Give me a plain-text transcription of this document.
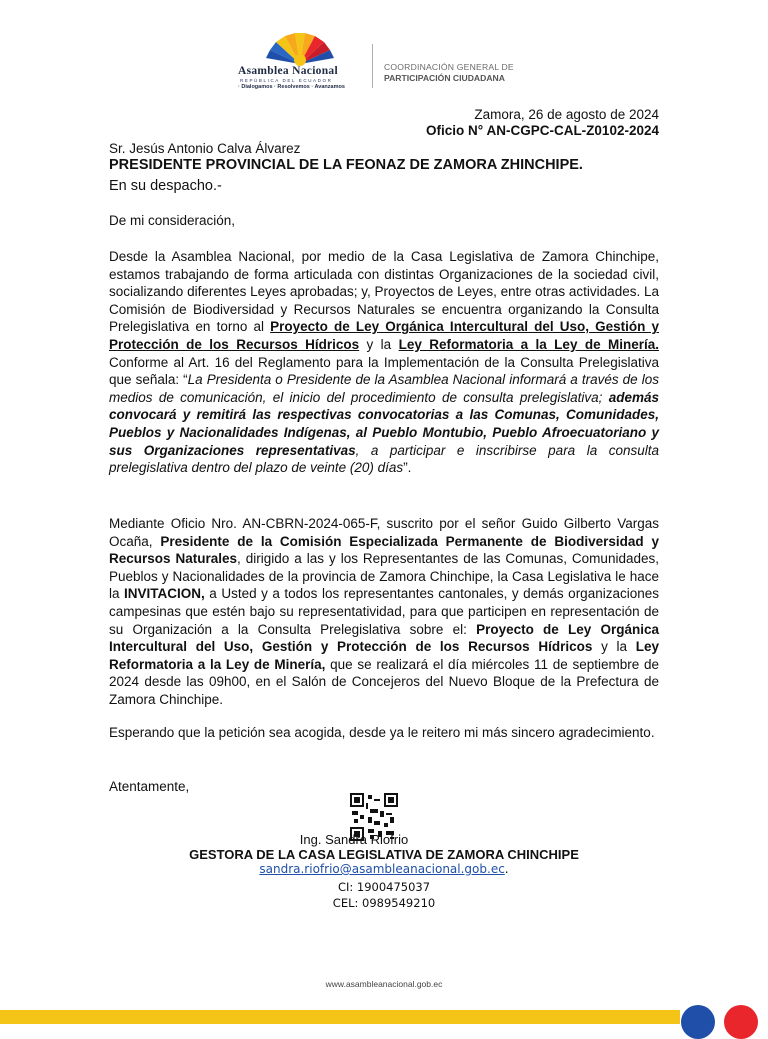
Asamblea Nacional
REPÚBLICA DEL ECUADOR
· Dialogamos · Resolvemos · Avanzamos
COORDINACIÓN GENERAL DE
PARTICIPACIÓN CIUDADANA
Zamora, 26 de agosto de 2024
Oficio N° AN-CGPC-CAL-Z0102-2024
Sr. Jesús Antonio Calva Álvarez
PRESIDENTE PROVINCIAL DE LA FEONAZ DE ZAMORA ZHINCHIPE.
En su despacho.-
De mi consideración,
Desde la Asamblea Nacional, por medio de la Casa Legislativa de Zamora Chinchipe, estamos trabajando de forma articulada con distintas Organizaciones de la sociedad civil, socializando diferentes Leyes aprobadas; y, Proyectos de Leyes, entre otras actividades. La Comisión de Biodiversidad y Recursos Naturales se encuentra organizando la Consulta Prelegislativa en torno al Proyecto de Ley Orgánica Intercultural del Uso, Gestión y Protección de los Recursos Hídricos y la Ley Reformatoria a la Ley de Minería. Conforme al Art. 16 del Reglamento para la Implementación de la Consulta Prelegislativa que señala: “La Presidenta o Presidente de la Asamblea Nacional informará a través de los medios de comunicación, el inicio del procedimiento de consulta prelegislativa; además convocará y remitirá las respectivas convocatorias a las Comunas, Comunidades, Pueblos y Nacionalidades Indígenas, al Pueblo Montubio, Pueblo Afroecuatoriano y sus Organizaciones representativas, a participar e inscribirse para la consulta prelegislativa dentro del plazo de veinte (20) días”.
Mediante Oficio Nro. AN-CBRN-2024-065-F, suscrito por el señor Guido Gilberto Vargas Ocaña, Presidente de la Comisión Especializada Permanente de Biodiversidad y Recursos Naturales, dirigido a las y los Representantes de las Comunas, Comunidades, Pueblos y Nacionalidades de la provincia de Zamora Chinchipe, la Casa Legislativa le hace la INVITACION, a Usted y a todos los representantes cantonales, y demás organizaciones campesinas que estén bajo su representatividad, para que participen en representación de su Organización a la Consulta Prelegislativa sobre el: Proyecto de Ley Orgánica Intercultural del Uso, Gestión y Protección de los Recursos Hídricos y la Ley Reformatoria a la Ley de Minería, que se realizará el día miércoles 11 de septiembre de 2024 desde las 09h00, en el Salón de Concejeros del Nuevo Bloque de la Prefectura de Zamora Chinchipe.
Esperando que la petición sea acogida, desde ya le reitero mi más sincero agradecimiento.
Atentamente,
Ing. Sandra Riofrio
GESTORA DE LA CASA LEGISLATIVA DE ZAMORA CHINCHIPE
sandra.riofrio@asambleanacional.gob.ec.
CI: 1900475037
CEL: 0989549210
www.asambleanacional.gob.ec
